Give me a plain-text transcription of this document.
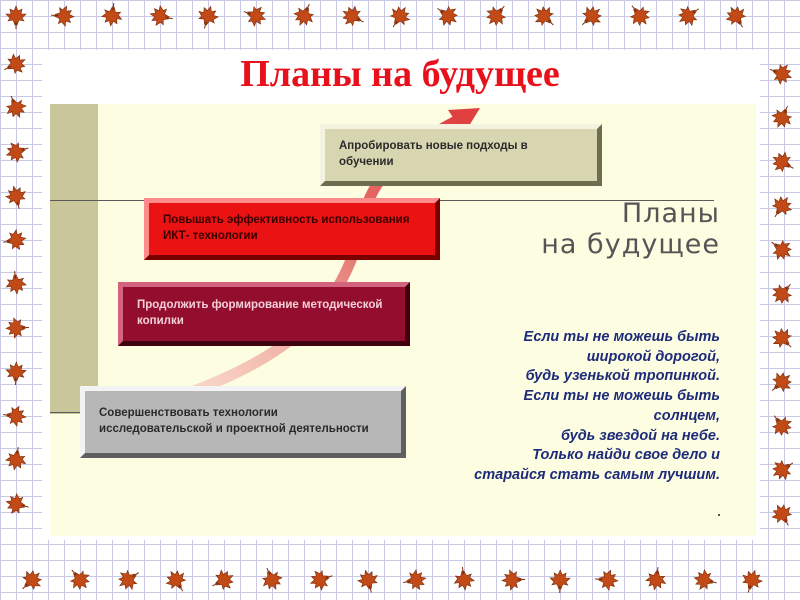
Планы на будущее
Совершенствовать технологии исследовательской и проектной деятельности
Продолжить формирование методической копилки
Повышать эффективность использования ИКТ- технологии
Апробировать новые подходы в обучении
Планы
на будущее
Если ты не можешь быть
широкой дорогой,
будь узенькой тропинкой.
Если ты не можешь быть
солнцем,
будь звездой на небе.
Только найди свое дело и
старайся стать самым лучшим.
